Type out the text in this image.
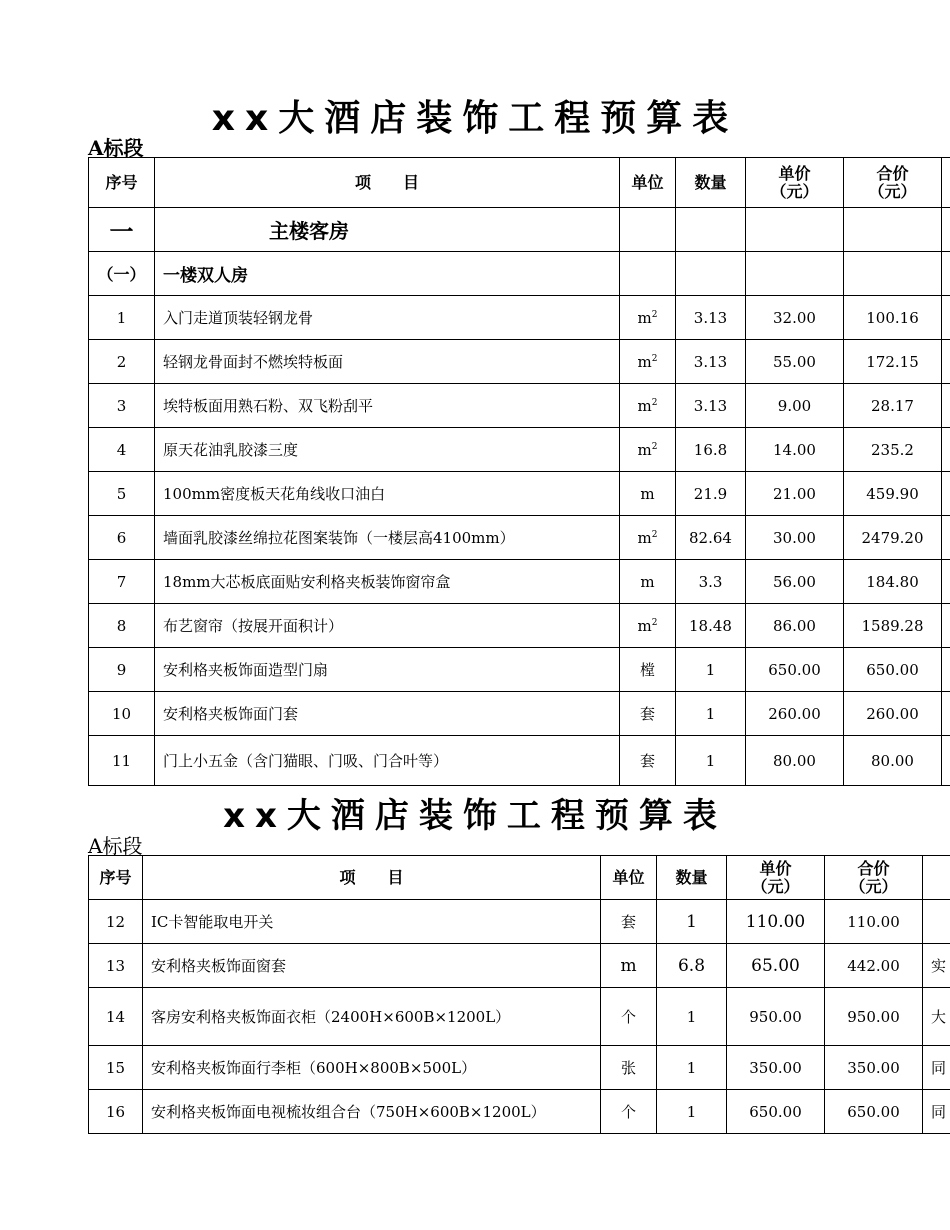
xx大酒店装饰工程预算表
A标段
序号	项　　目	单位	数量	单价（元）	合价（元）	

一	主楼客房					
（一）	一楼双人房					
1	入门走道顶装轻钢龙骨	$m^2$	3.13	32.00	100.16	
2	轻钢龙骨面封不燃埃特板面	$m^2$	3.13	55.00	172.15	
3	埃特板面用熟石粉、双飞粉刮平	$m^2$	3.13	9.00	28.17	
4	原天花油乳胶漆三度	$m^2$	16.8	14.00	235.2	
5	100mm密度板天花角线收口油白	m	21.9	21.00	459.90	
6	墙面乳胶漆丝绵拉花图案装饰（一楼层高4100mm）	$m^2$	82.64	30.00	2479.20	
7	18mm大芯板底面贴安利格夹板装饰窗帘盒	m	3.3	56.00	184.80	
8	布艺窗帘（按展开面积计）	$m^2$	18.48	86.00	1589.28	
9	安利格夹板饰面造型门扇	樘	1	650.00	650.00	
10	安利格夹板饰面门套	套	1	260.00	260.00	
11	门上小五金（含门猫眼、门吸、门合叶等）	套	1	80.00	80.00	
xx大酒店装饰工程预算表
A标段
序号	项　　目	单位	数量	单价（元）	合价（元）	

12	IC卡智能取电开关	套	1	110.00	110.00	
13	安利格夹板饰面窗套	m	6.8	65.00	442.00	实
14	客房安利格夹板饰面衣柜（2400H×600B×1200L）	个	1	950.00	950.00	大
15	安利格夹板饰面行李柜（600H×800B×500L）	张	1	350.00	350.00	同
16	安利格夹板饰面电视梳妆组合台（750H×600B×1200L）	个	1	650.00	650.00	同
